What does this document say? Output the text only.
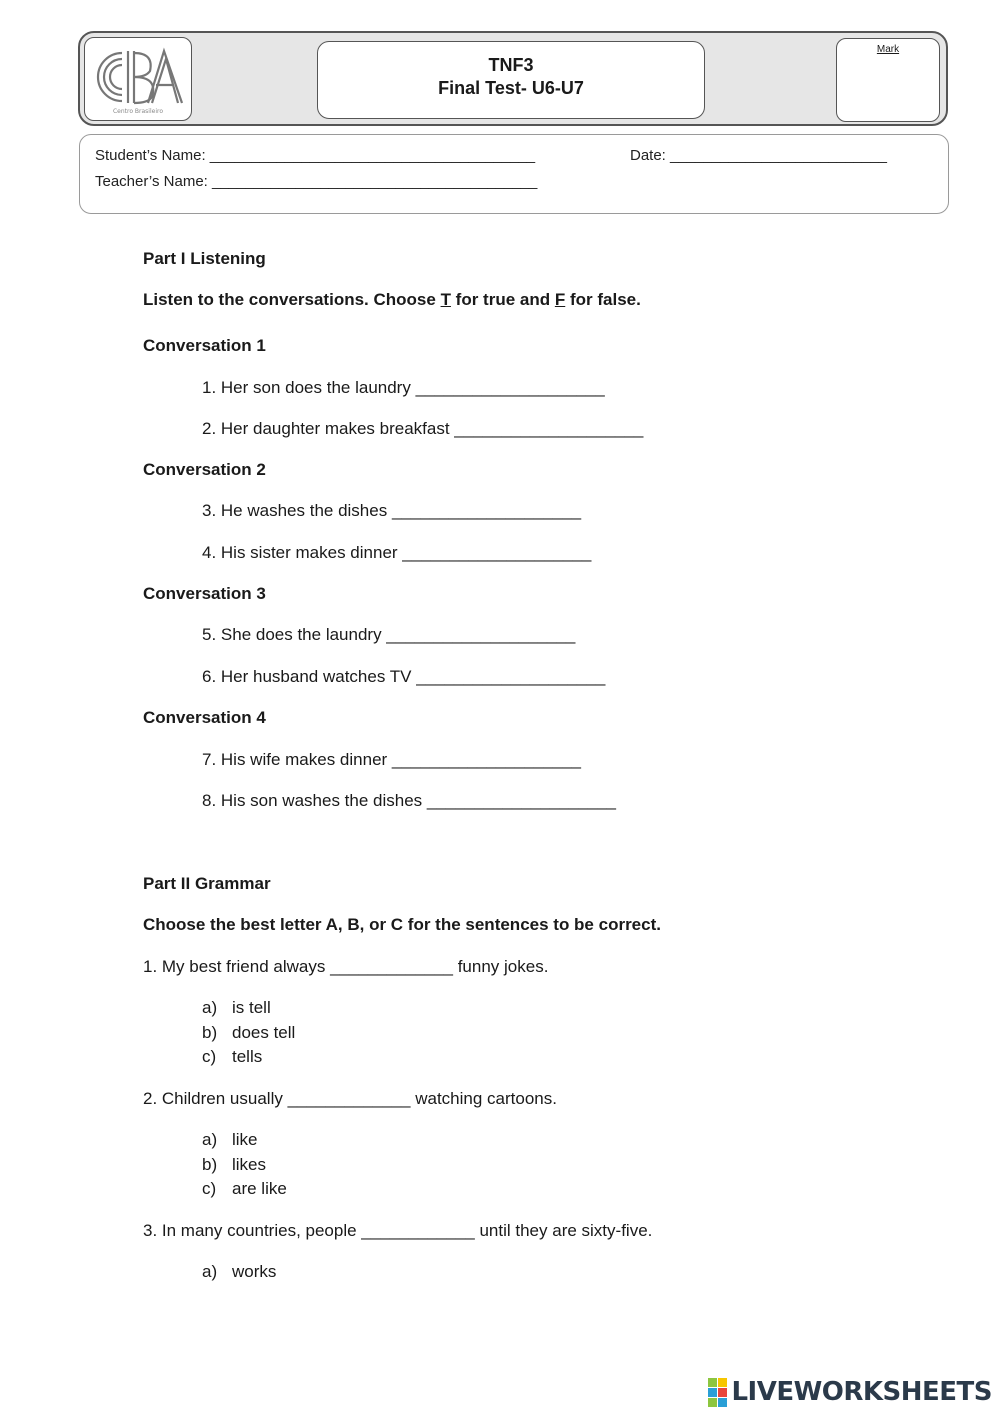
Centro Brasileiro
TNF3
Final Test- U6-U7
Mark
Student’s Name: _______________________________________	Date: __________________________
Teacher’s Name: _______________________________________
Part I Listening
Listen to the conversations. Choose T for true and F for false.
Conversation 1
1. Her son does the laundry ____________________
2. Her daughter makes breakfast ____________________
Conversation 2
3. He washes the dishes ____________________
4. His sister makes dinner ____________________
Conversation 3
5. She does the laundry ____________________
6. Her husband watches TV ____________________
Conversation 4
7. His wife makes dinner ____________________
8. His son washes the dishes ____________________
Part II Grammar
Choose the best letter A, B, or C for the sentences to be correct.
1. My best friend always _____________ funny jokes.
a) is tell
b) does tell
c) tells
2. Children usually _____________ watching cartoons.
a) like
b) likes
c) are like
3. In many countries, people ____________ until they are sixty-five.
a) works
LIVEWORKSHEETS
